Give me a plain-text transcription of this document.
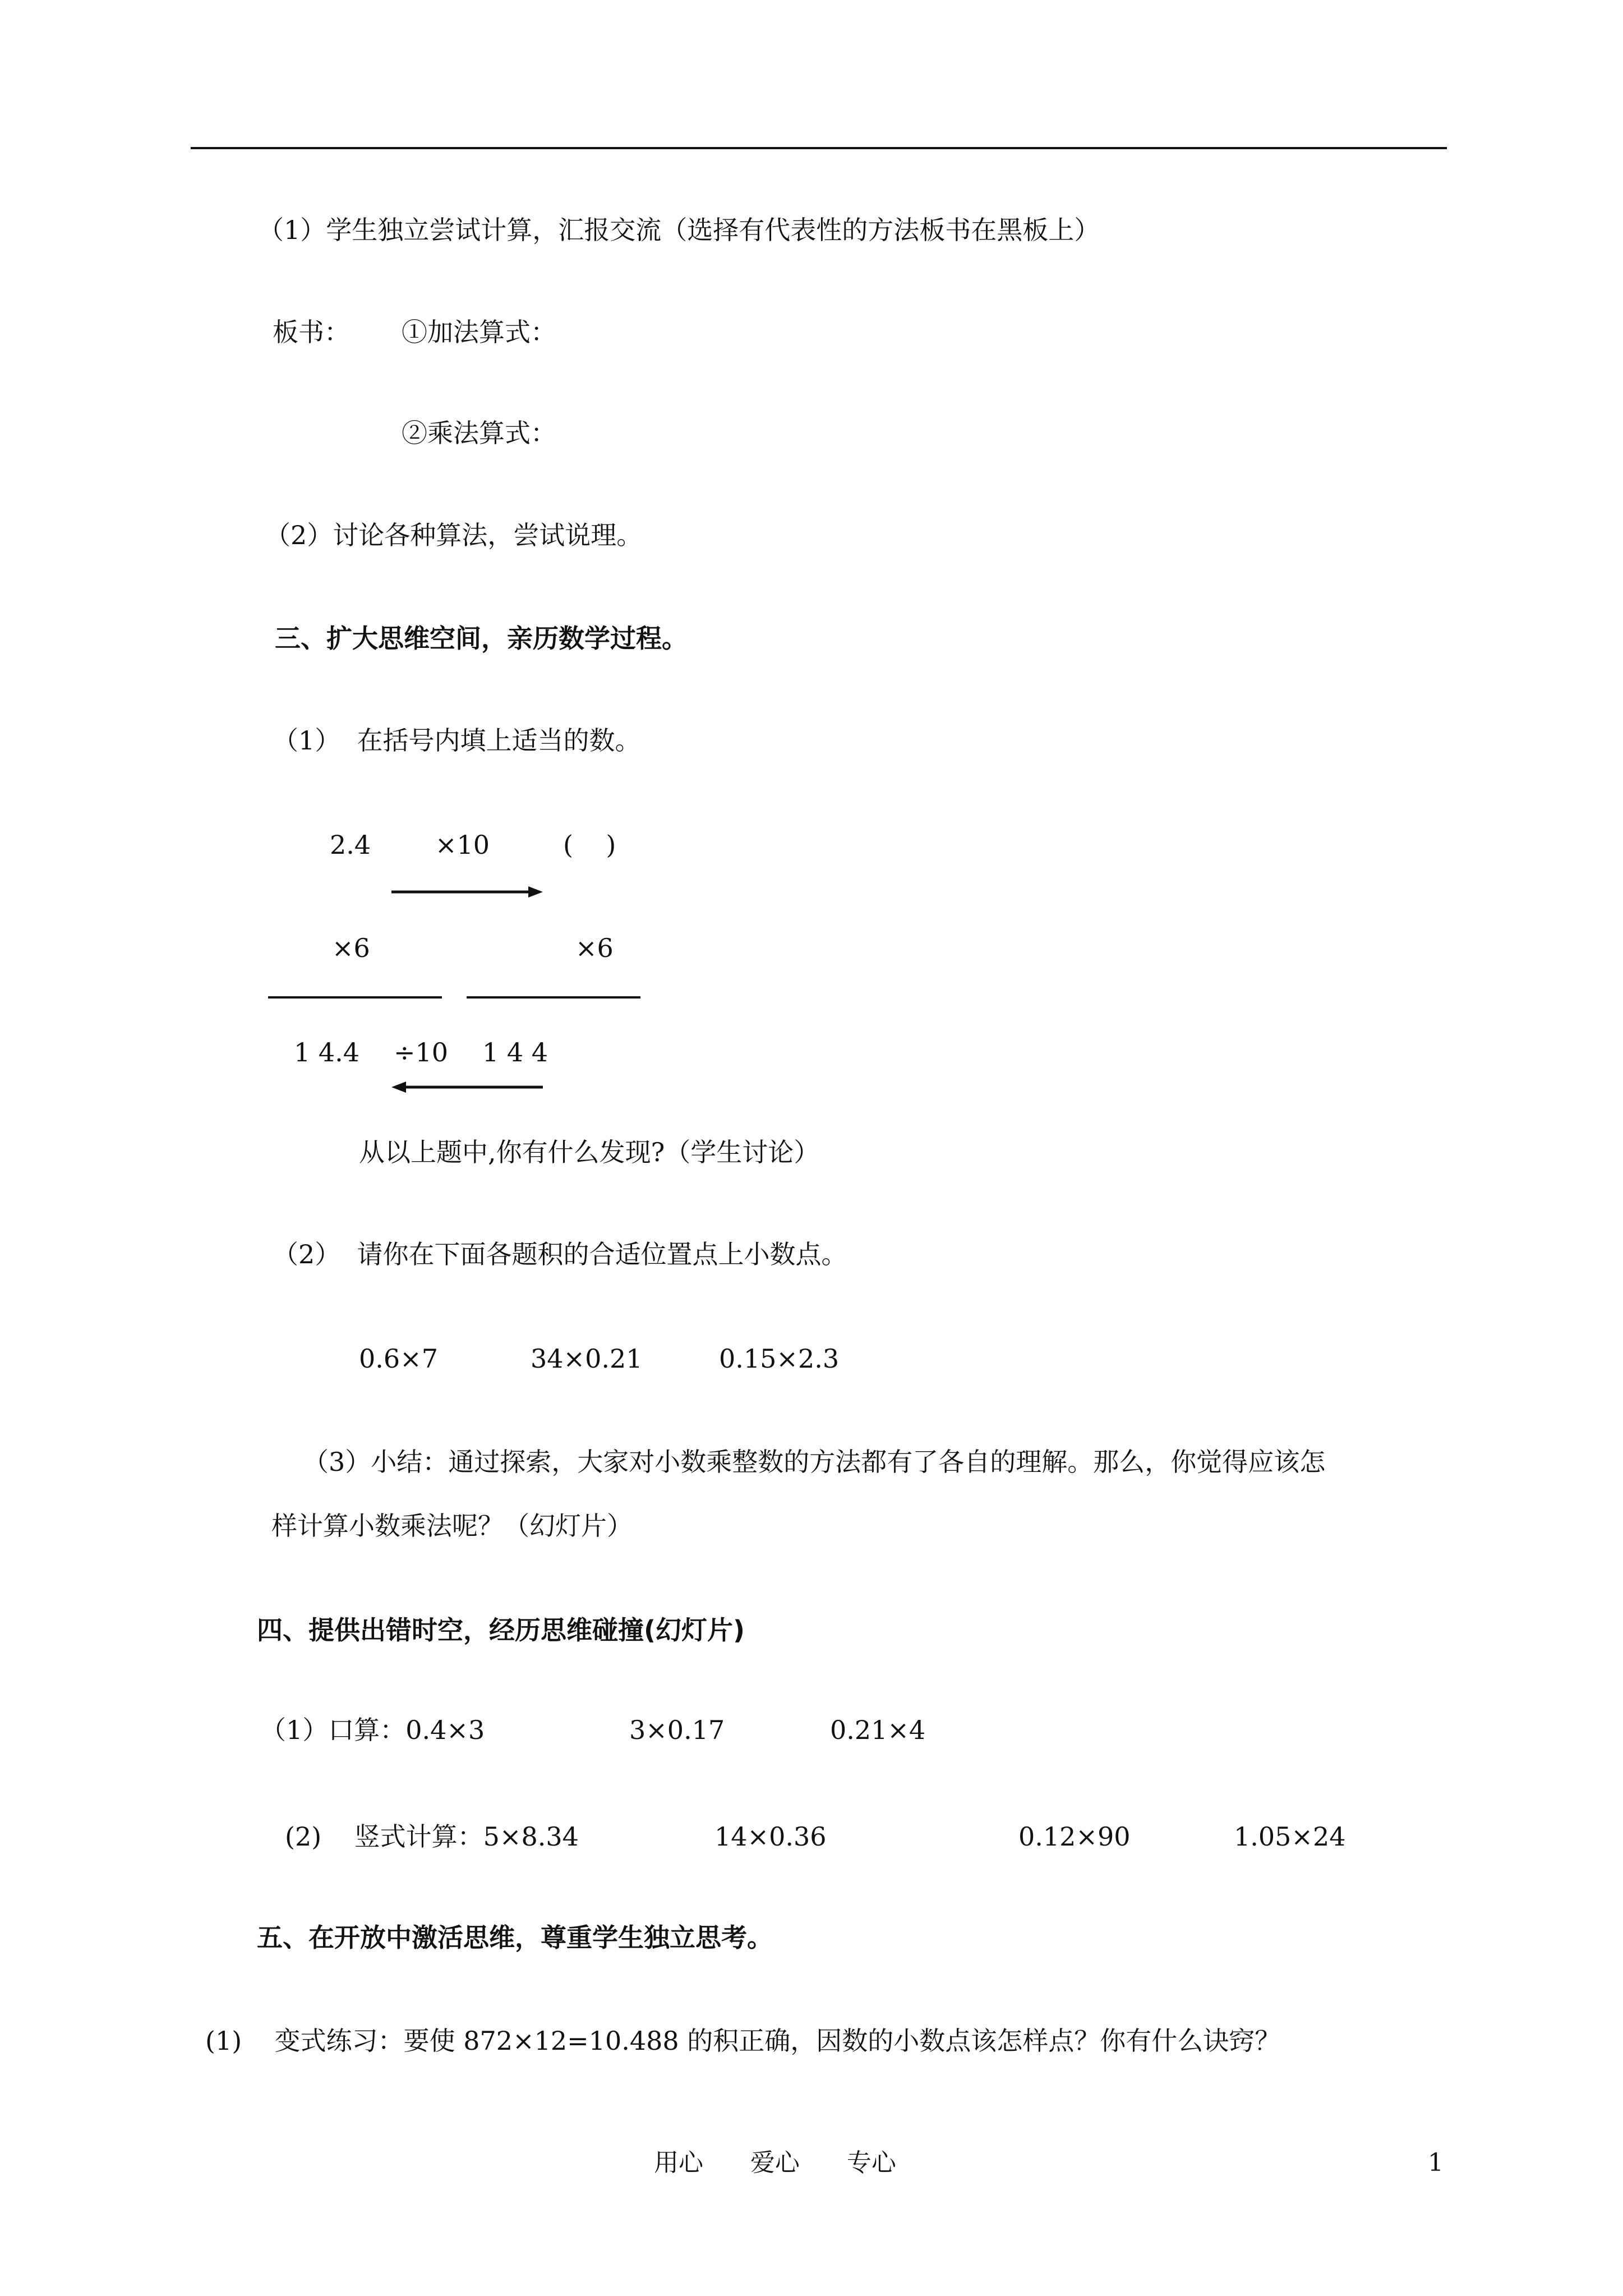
（1）学生独立尝试计算，汇报交流（选择有代表性的方法板书在黑板上）
板书： ①加法算式：
②乘法算式：
（2）讨论各种算法，尝试说理。
三、扩大思维空间，亲历数学过程。
（1）  在括号内填上适当的数。
2.4 ×10	(    )
×6	×6
1 4.4 ÷10 1 4 4
从以上题中,你有什么发现?（学生讨论）
（2）  请你在下面各题积的合适位置点上小数点。
0.6×7	34×0.21	0.15×2.3
（3）小结：通过探索，大家对小数乘整数的方法都有了各自的理解。那么，你觉得应该怎
样计算小数乘法呢？（幻灯片）
四、提供出错时空，经历思维碰撞(幻灯片)
（1）口算：0.4×3	3×0.17	0.21×4
(2)    竖式计算：5×8.34	14×0.36	0.12×90	1.05×24
五、在开放中激活思维，尊重学生独立思考。
(1)    变式练习：要使 872×12=10.488 的积正确，因数的小数点该怎样点？你有什么诀窍？
用心      爱心      专心	1
